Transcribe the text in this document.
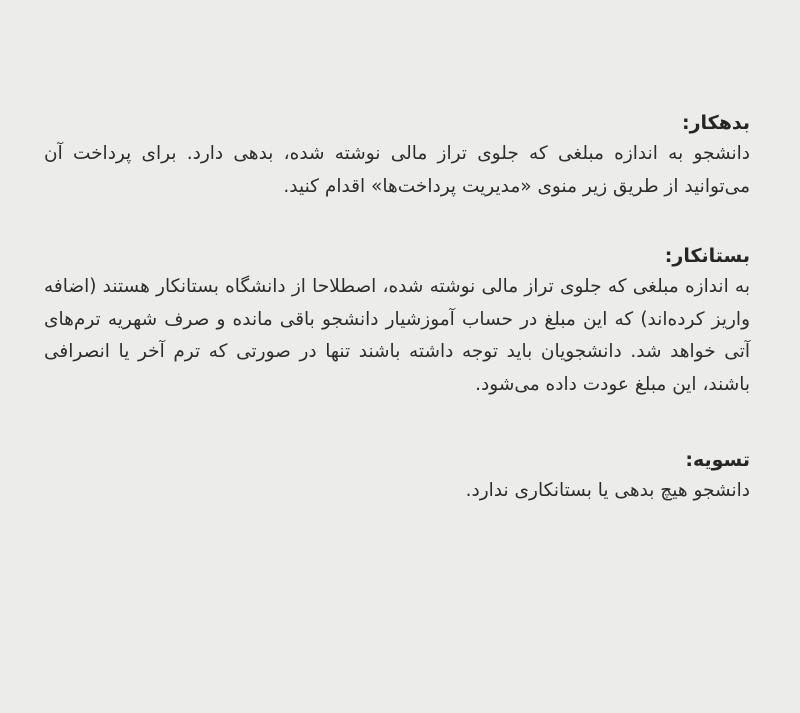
بدهکار:

دانشجو به اندازه مبلغی که جلوی تراز مالی نوشته شده، بدهی دارد. برای پرداخت آن می‌توانید از طریق زیر منوی «مدیریت پرداخت‌ها» اقدام کنید.

بستانکار:

به اندازه مبلغی که جلوی تراز مالی نوشته شده، اصطلاحا از دانشگاه بستانکار هستند (اضافه واریز کرده‌اند) که این مبلغ در حساب آموزشیار دانشجو باقی مانده و صرف شهریه ترم‌های آتی خواهد شد. دانشجویان باید توجه داشته باشند تنها در صورتی که ترم آخر یا انصرافی باشند، این مبلغ عودت داده می‌شود.

تسویه:

دانشجو هیچ بدهی یا بستانکاری ندارد.
